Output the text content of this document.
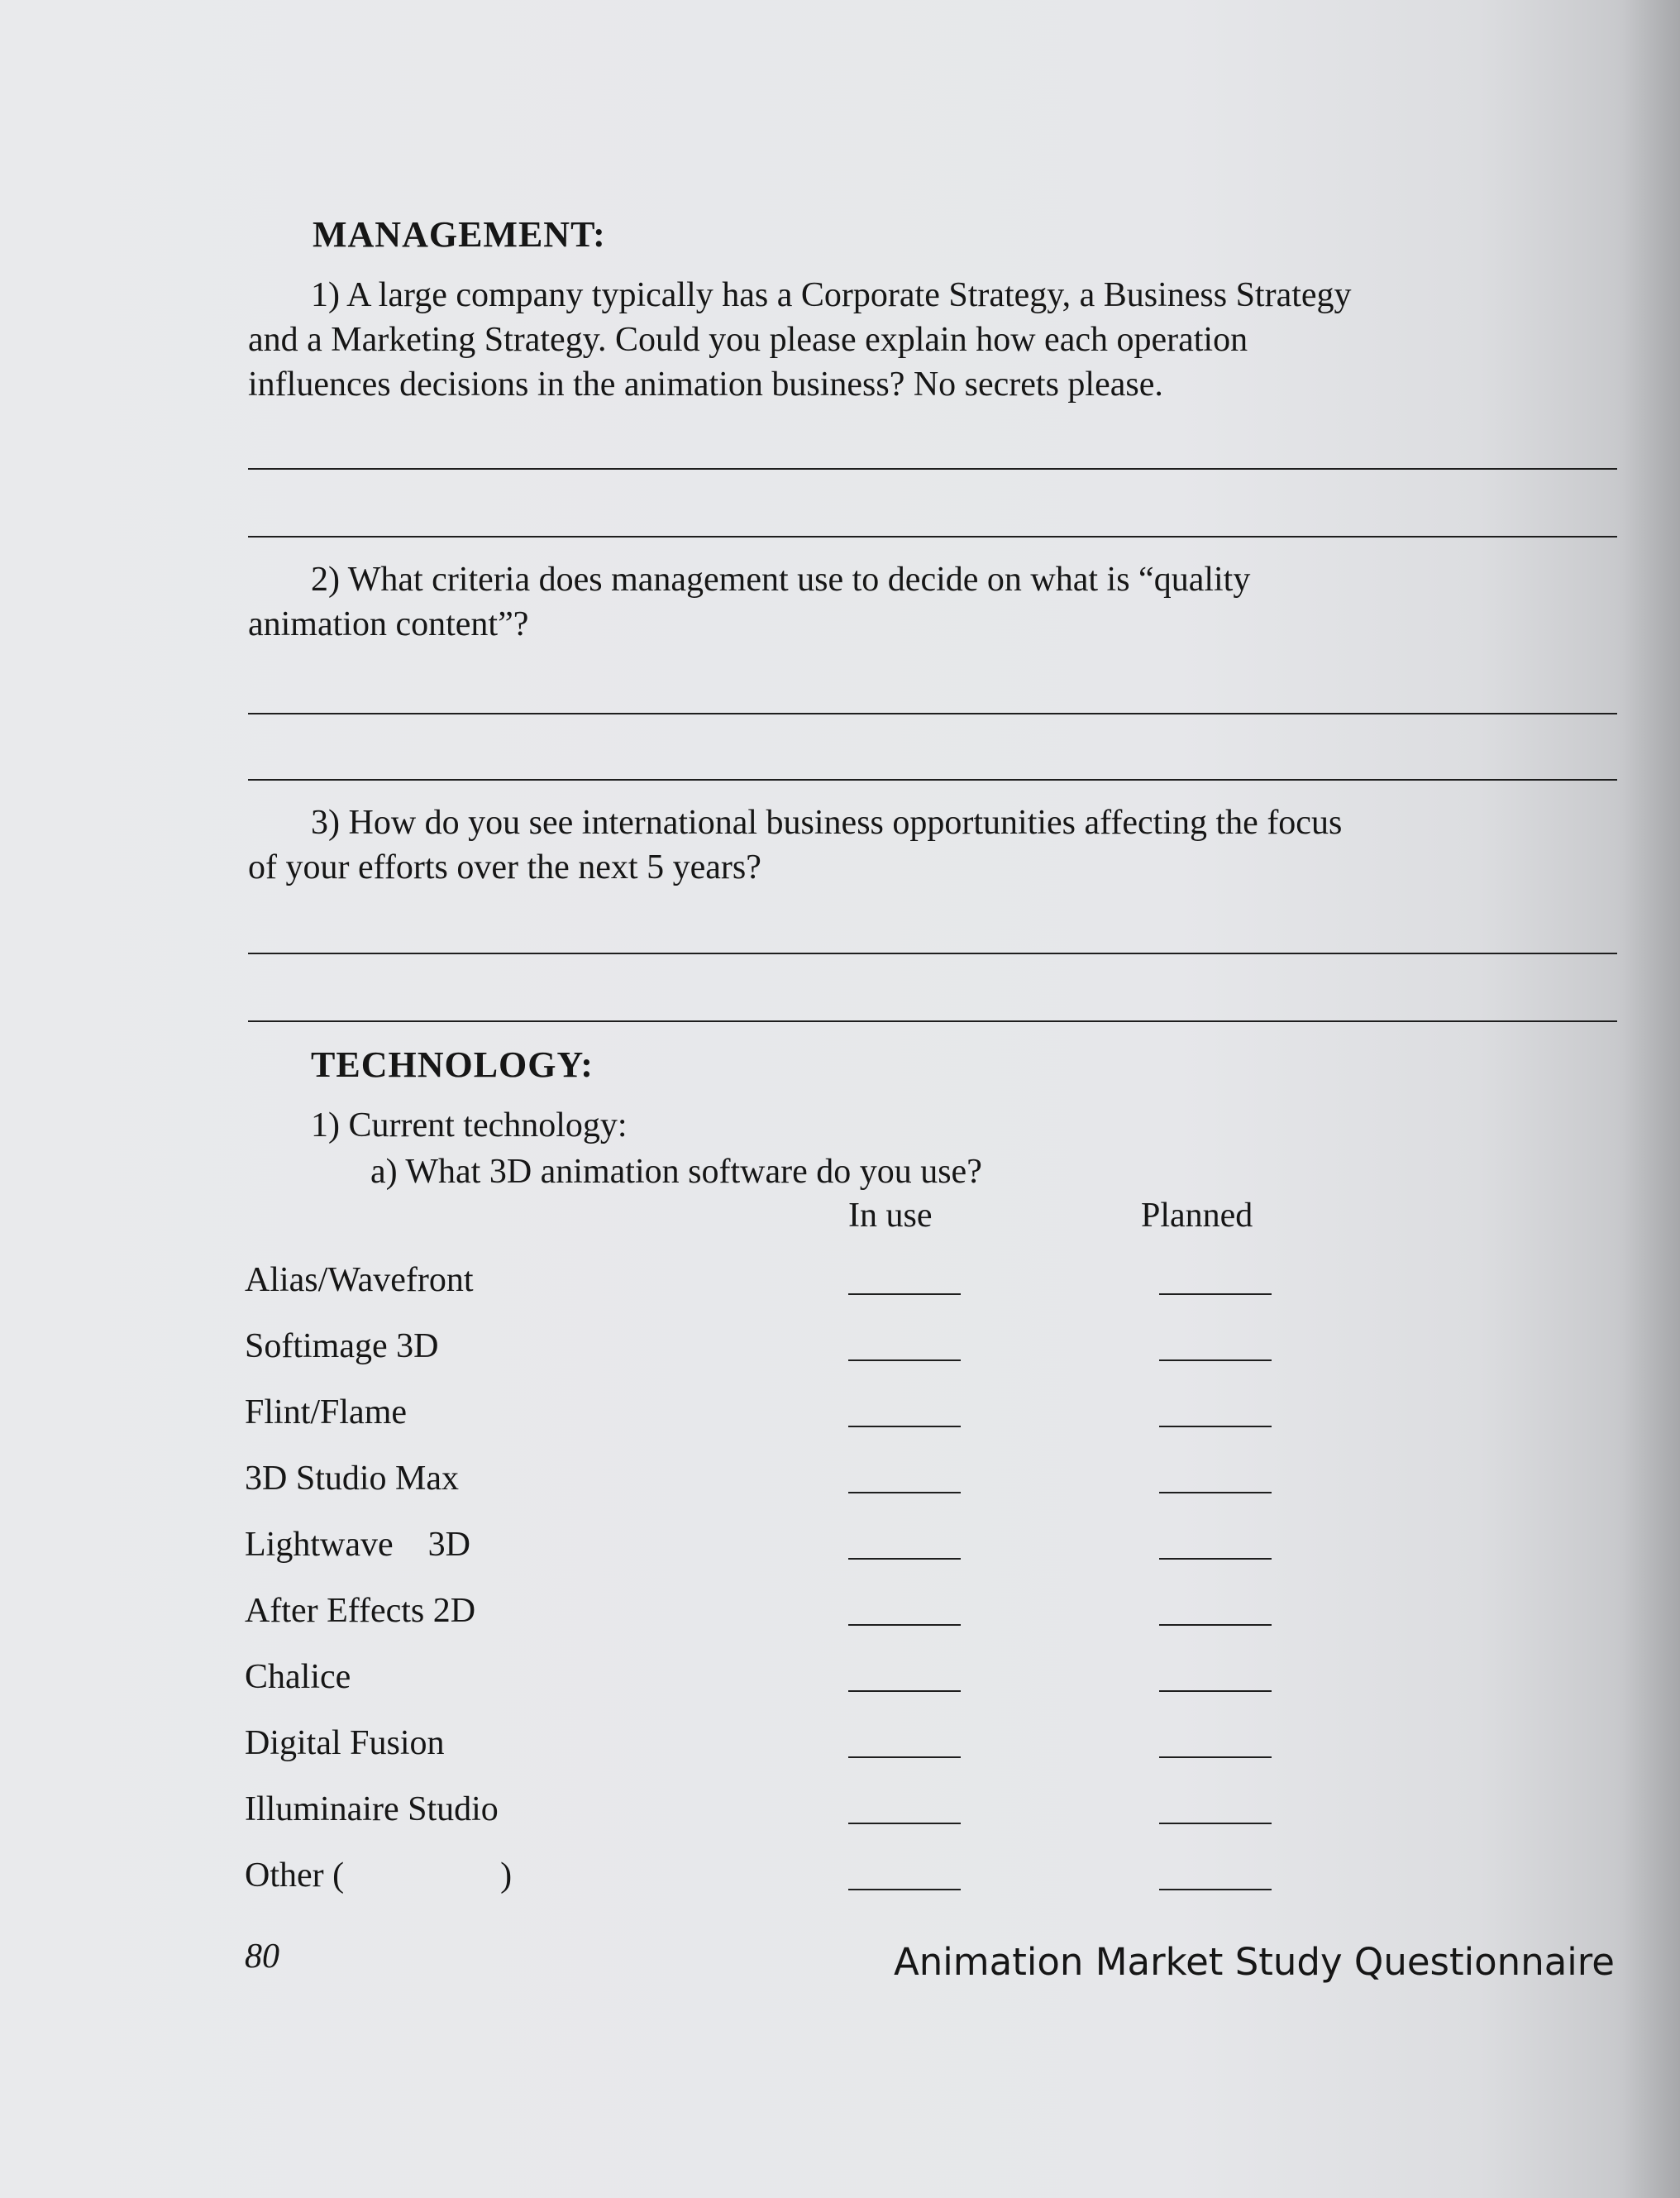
MANAGEMENT:
1) A large company typically has a Corporate Strategy, a Business Strategy
and a Marketing Strategy. Could you please explain how each operation
influences decisions in the animation business? No secrets please.
2) What criteria does management use to decide on what is “quality
animation content”?
3) How do you see international business opportunities affecting the focus
of your efforts over the next 5 years?
TECHNOLOGY:
1) Current technology:
a) What 3D animation software do you use?
In use	Planned
Alias/Wavefront
Softimage 3D
Flint/Flame
3D Studio Max
Lightwave    3D
After Effects 2D
Chalice
Digital Fusion
Illuminaire Studio
Other (                  )
80	Animation Market Study Questionnaire
